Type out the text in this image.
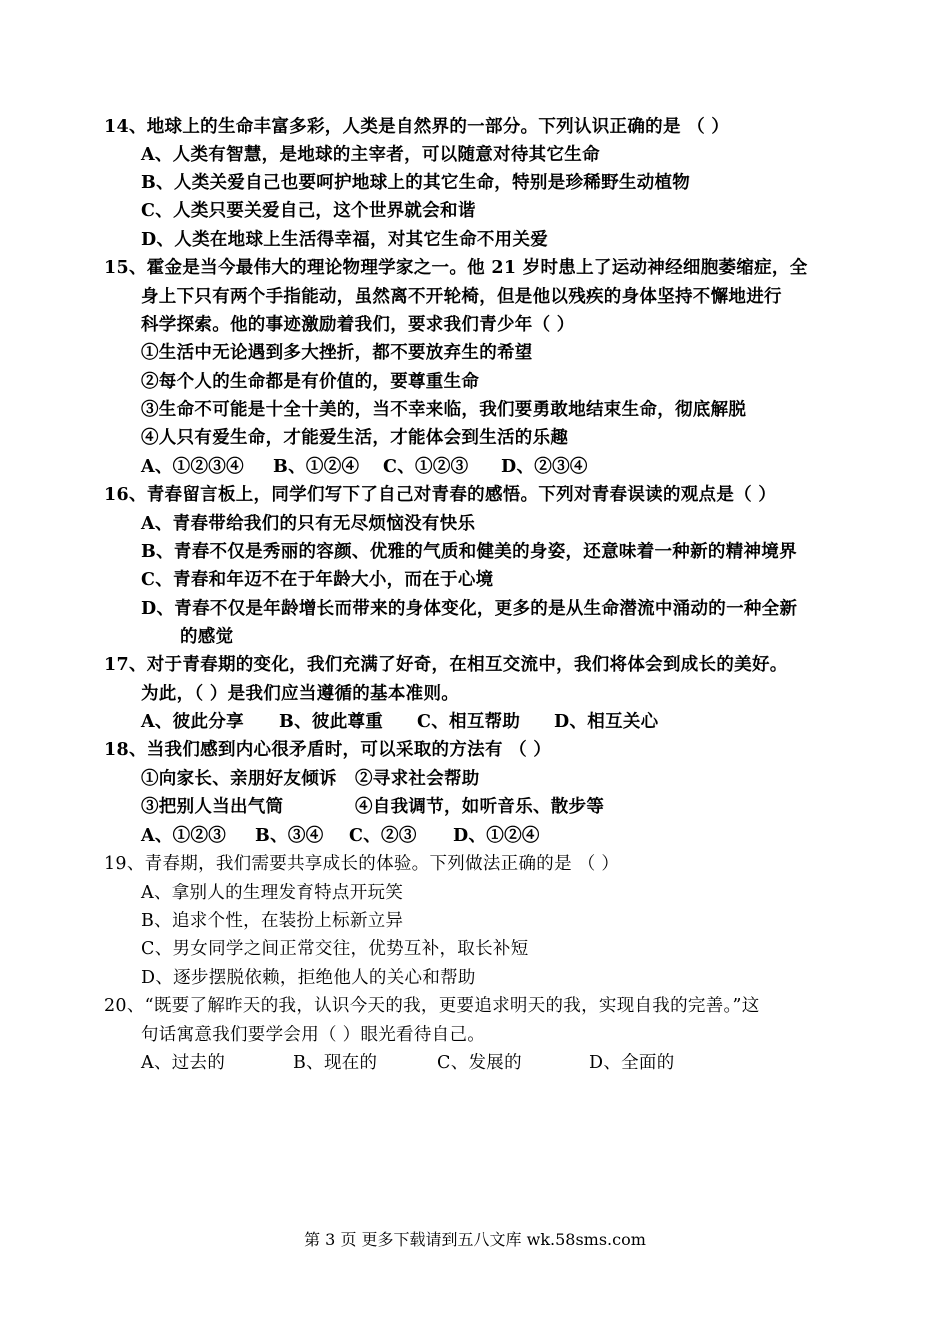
14、地球上的生命丰富多彩，人类是自然界的一部分。下列认识正确的是 （ ）
A、人类有智慧，是地球的主宰者，可以随意对待其它生命
B、人类关爱自己也要呵护地球上的其它生命，特别是珍稀野生动植物
C、人类只要关爱自己，这个世界就会和谐
D、人类在地球上生活得幸福，对其它生命不用关爱
15、霍金是当今最伟大的理论物理学家之一。他 21 岁时患上了运动神经细胞萎缩症，全
身上下只有两个手指能动，虽然离不开轮椅，但是他以残疾的身体坚持不懈地进行
科学探索。他的事迹激励着我们，要求我们青少年（ ）
①生活中无论遇到多大挫折，都不要放弃生的希望
②每个人的生命都是有价值的，要尊重生命
③生命不可能是十全十美的，当不幸来临，我们要勇敢地结束生命，彻底解脱
④人只有爱生命，才能爱生活，才能体会到生活的乐趣
A、①②③④ B、①②④ C、①②③ D、②③④
16、青春留言板上，同学们写下了自己对青春的感悟。下列对青春误读的观点是（ ）
A、青春带给我们的只有无尽烦恼没有快乐
B、青春不仅是秀丽的容颜、优雅的气质和健美的身姿，还意味着一种新的精神境界
C、青春和年迈不在于年龄大小，而在于心境
D、青春不仅是年龄增长而带来的身体变化，更多的是从生命潜流中涌动的一种全新
的感觉
17、对于青春期的变化，我们充满了好奇，在相互交流中，我们将体会到成长的美好。
为此，（ ）是我们应当遵循的基本准则。
A、彼此分享 B、彼此尊重 C、相互帮助 D、相互关心
18、当我们感到内心很矛盾时，可以采取的方法有 （ ）
①向家长、亲朋好友倾诉 ②寻求社会帮助
③把别人当出气筒	④自我调节，如听音乐、散步等
A、①②③ B、③④ C、②③ D、①②④
19、青春期，我们需要共享成长的体验。下列做法正确的是 （ ）
A、拿别人的生理发育特点开玩笑
B、追求个性，在装扮上标新立异
C、男女同学之间正常交往，优势互补，取长补短
D、逐步摆脱依赖，拒绝他人的关心和帮助
20、“既要了解昨天的我，认识今天的我，更要追求明天的我，实现自我的完善。”这
句话寓意我们要学会用（ ）眼光看待自己。
A、过去的	B、现在的	C、发展的	D、全面的
第 3 页 更多下载请到五八文库 wk.58sms.com
